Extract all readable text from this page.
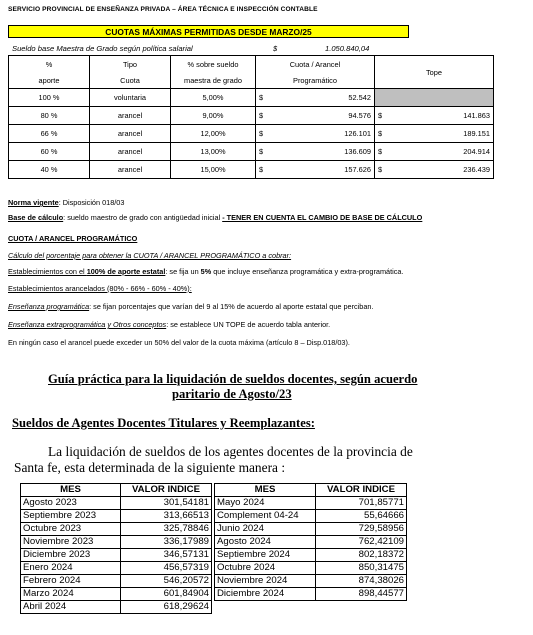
SERVICIO PROVINCIAL DE ENSEÑANZA PRIVADA – ÁREA TÉCNICA E INSPECCIÓN CONTABLE
CUOTAS MÁXIMAS PERMITIDAS DESDE MARZO/25
Sueldo base Maestra de Grado según política salarial	$	1.050.840,04
%	Tipo	% sobre sueldo	Cuota / Arancel	Tope
aporte	Cuota	maestra de grado	Programático	
100 %	voluntaria	5,00%	$ 52.542	

80 %	arancel	9,00%	$ 94.576	$ 141.863

66 %	arancel	12,00%	$ 126.101	$ 189.151

60 %	arancel	13,00%	$ 136.609	$ 204.914

40 %	arancel	15,00%	$ 157.626	$ 236.439
Norma vigente: Disposición 018/03
Base de cálculo: sueldo maestro de grado con antigüedad inicial - TENER EN CUENTA EL CAMBIO DE BASE DE CÁLCULO
CUOTA / ARANCEL PROGRAMÁTICO
Cálculo del porcentaje para obtener la CUOTA / ARANCEL PROGRAMÁTICO a cobrar:
Establecimientos con el 100% de aporte estatal: se fija un 5% que incluye enseñanza programática y extra-programática.
Establecimientos arancelados (80% - 66% - 60% - 40%):
Enseñanza programática: se fijan porcentajes que varían del 9 al 15% de acuerdo al aporte estatal que perciban.
Enseñanza extraprogramática y Otros conceptos: se establece UN TOPE de acuerdo tabla anterior.
En ningún caso el arancel puede exceder un 50% del valor de la cuota máxima (artículo 8 – Disp.018/03).
Guía práctica para la liquidación de sueldos docentes, según acuerdo
paritario de Agosto/23
Sueldos de Agentes Docentes Titulares y Reemplazantes:
La liquidación de sueldos de los agentes docentes de la provincia de
Santa fe, esta determinada de la siguiente manera :
MES	VALOR INDICE
Agosto 2023	301,54181
Septiembre 2023	313,66513
Octubre 2023	325,78846
Noviembre 2023	336,17989
Diciembre 2023	346,57131
Enero 2024	456,57319
Febrero 2024	546,20572
Marzo 2024	601,84904
Abril 2024	618,29624
MES	VALOR INDICE
Mayo 2024	701,85771
Complement 04-24	55,64666
Junio 2024	729,58956
Agosto 2024	762,42109
Septiembre 2024	802,18372
Octubre 2024	850,31475
Noviembre 2024	874,38026
Diciembre 2024	898,44577
